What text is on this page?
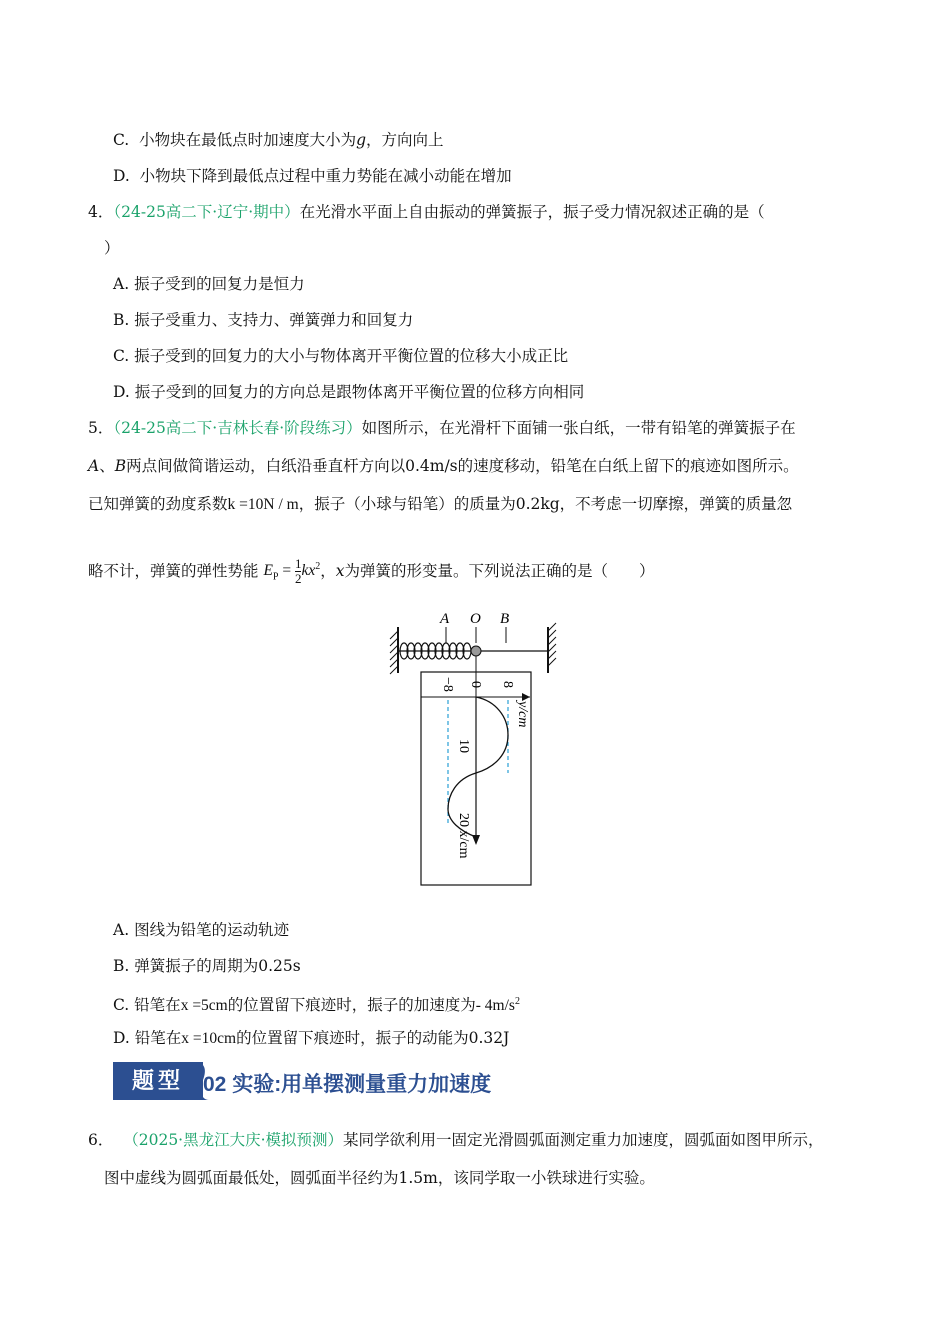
C. 小物块在最低点时加速度大小为g，方向向上
D. 小物块下降到最低点过程中重力势能在减小动能在增加
4．（24-25高二下·辽宁·期中）在光滑水平面上自由振动的弹簧振子，振子受力情况叙述正确的是（
）
A. 振子受到的回复力是恒力
B. 振子受重力、支持力、弹簧弹力和回复力
C. 振子受到的回复力的大小与物体离开平衡位置的位移大小成正比
D. 振子受到的回复力的方向总是跟物体离开平衡位置的位移方向相同
5．（24-25高二下·吉林长春·阶段练习）如图所示，在光滑杆下面铺一张白纸，一带有铅笔的弹簧振子在
A、B两点间做简谐运动，白纸沿垂直杆方向以0.4m/s的速度移动，铅笔在白纸上留下的痕迹如图所示。
已知弹簧的劲度系数k =10N / m，振子（小球与铅笔）的质量为0.2kg，不考虑一切摩擦，弹簧的质量忽
略不计，弹簧的弹性势能 $E_P = \frac{1}{2} kx^2$，x为弹簧的形变量。下列说法正确的是（　　）
A O B
−8 0 8
y/cm
10
20 x/cm
A. 图线为铅笔的运动轨迹
B. 弹簧振子的周期为0.25s
C. 铅笔在x =5cm的位置留下痕迹时，振子的加速度为- $4m/s^2$
D. 铅笔在x =10cm的位置留下痕迹时，振子的动能为0.32J
题型 02 实验:用单摆测量重力加速度
6． （2025·黑龙江大庆·模拟预测）某同学欲利用一固定光滑圆弧面测定重力加速度，圆弧面如图甲所示，
图中虚线为圆弧面最低处，圆弧面半径约为1.5m，该同学取一小铁球进行实验。
